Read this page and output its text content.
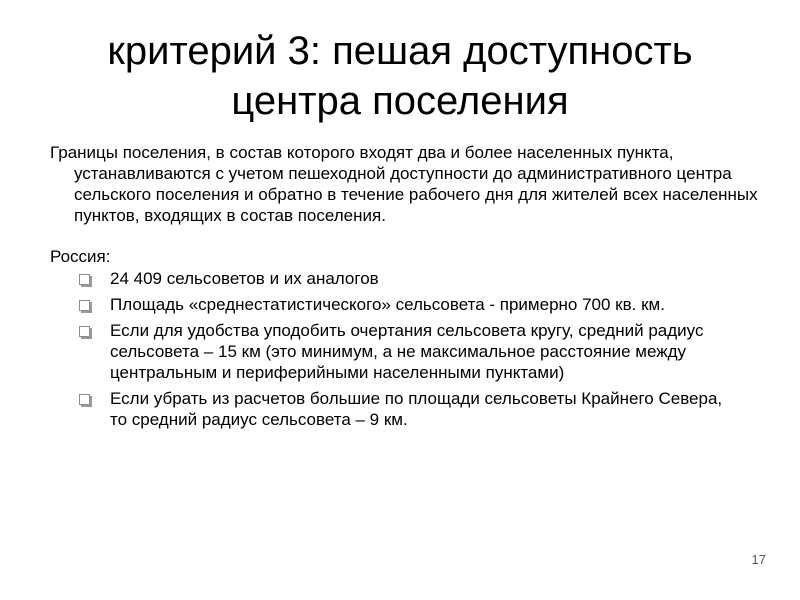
критерий 3: пешая доступность
центра поселения

Границы поселения, в состав которого входят два и более населенных пункта, устанавливаются с учетом пешеходной доступности до административного центра сельского поселения и обратно в течение рабочего дня для жителей всех населенных пунктов, входящих в состав поселения.

Россия:

24 409 сельсоветов и их аналогов
Площадь «среднестатистического» сельсовета - примерно 700 кв. км.
Если для удобства уподобить очертания сельсовета кругу, средний радиус сельсовета – 15 км (это минимум, а не максимальное расстояние между центральным и периферийными населенными пунктами)
Если убрать из расчетов большие по площади сельсоветы Крайнего Севера, то средний радиус сельсовета – 9 км.
17
